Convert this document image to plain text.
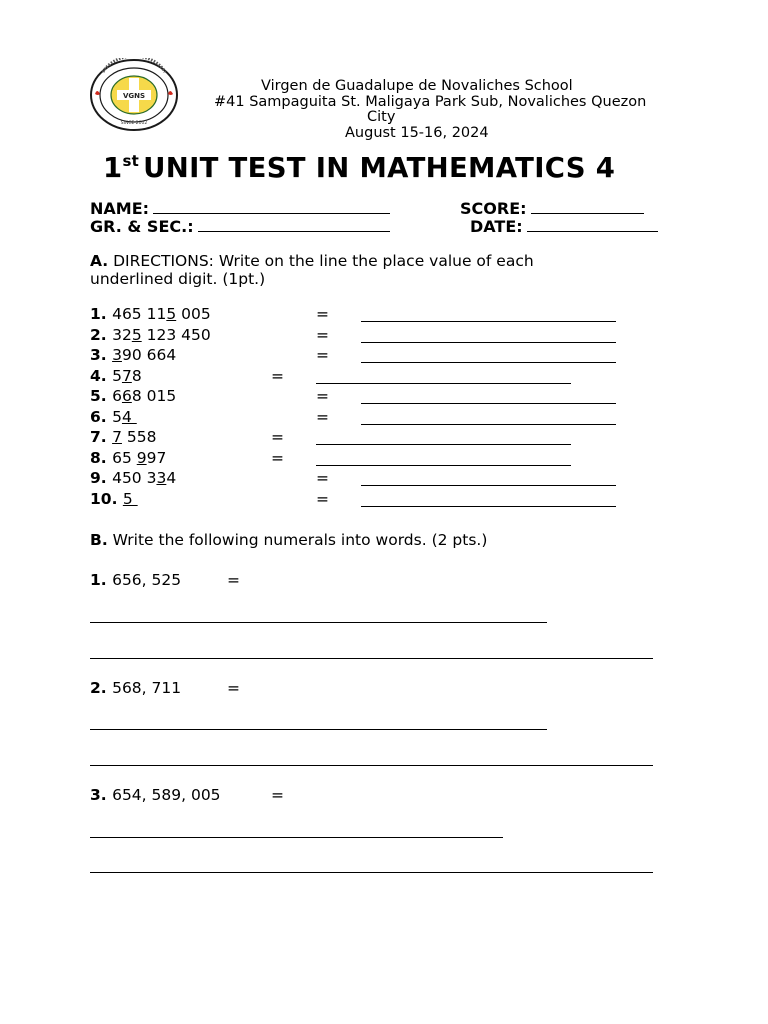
VGNS
SINCE 2002
Virgen de Guadalupe de Novaliches School
#41 Sampaguita St. Maligaya Park Sub, Novaliches Quezon
City
August 15-16, 2024
1st UNIT TEST IN MATHEMATICS 4
NAME:	SCORE:
GR. & SEC.:	DATE:
A. DIRECTIONS: Write on the line the place value of each
underlined digit. (1pt.)
1. 465 115 005	=
2. 325 123 450	=
3. 390 664	=
4. 578	=
5. 668 015	=
6. 54	=
7. 7 558	=
8. 65 997	=
9. 450 334	=
10. 5	=
B. Write the following numerals into words. (2 pts.)
1. 656, 525	=
2. 568, 711	=
3. 654, 589, 005	=
